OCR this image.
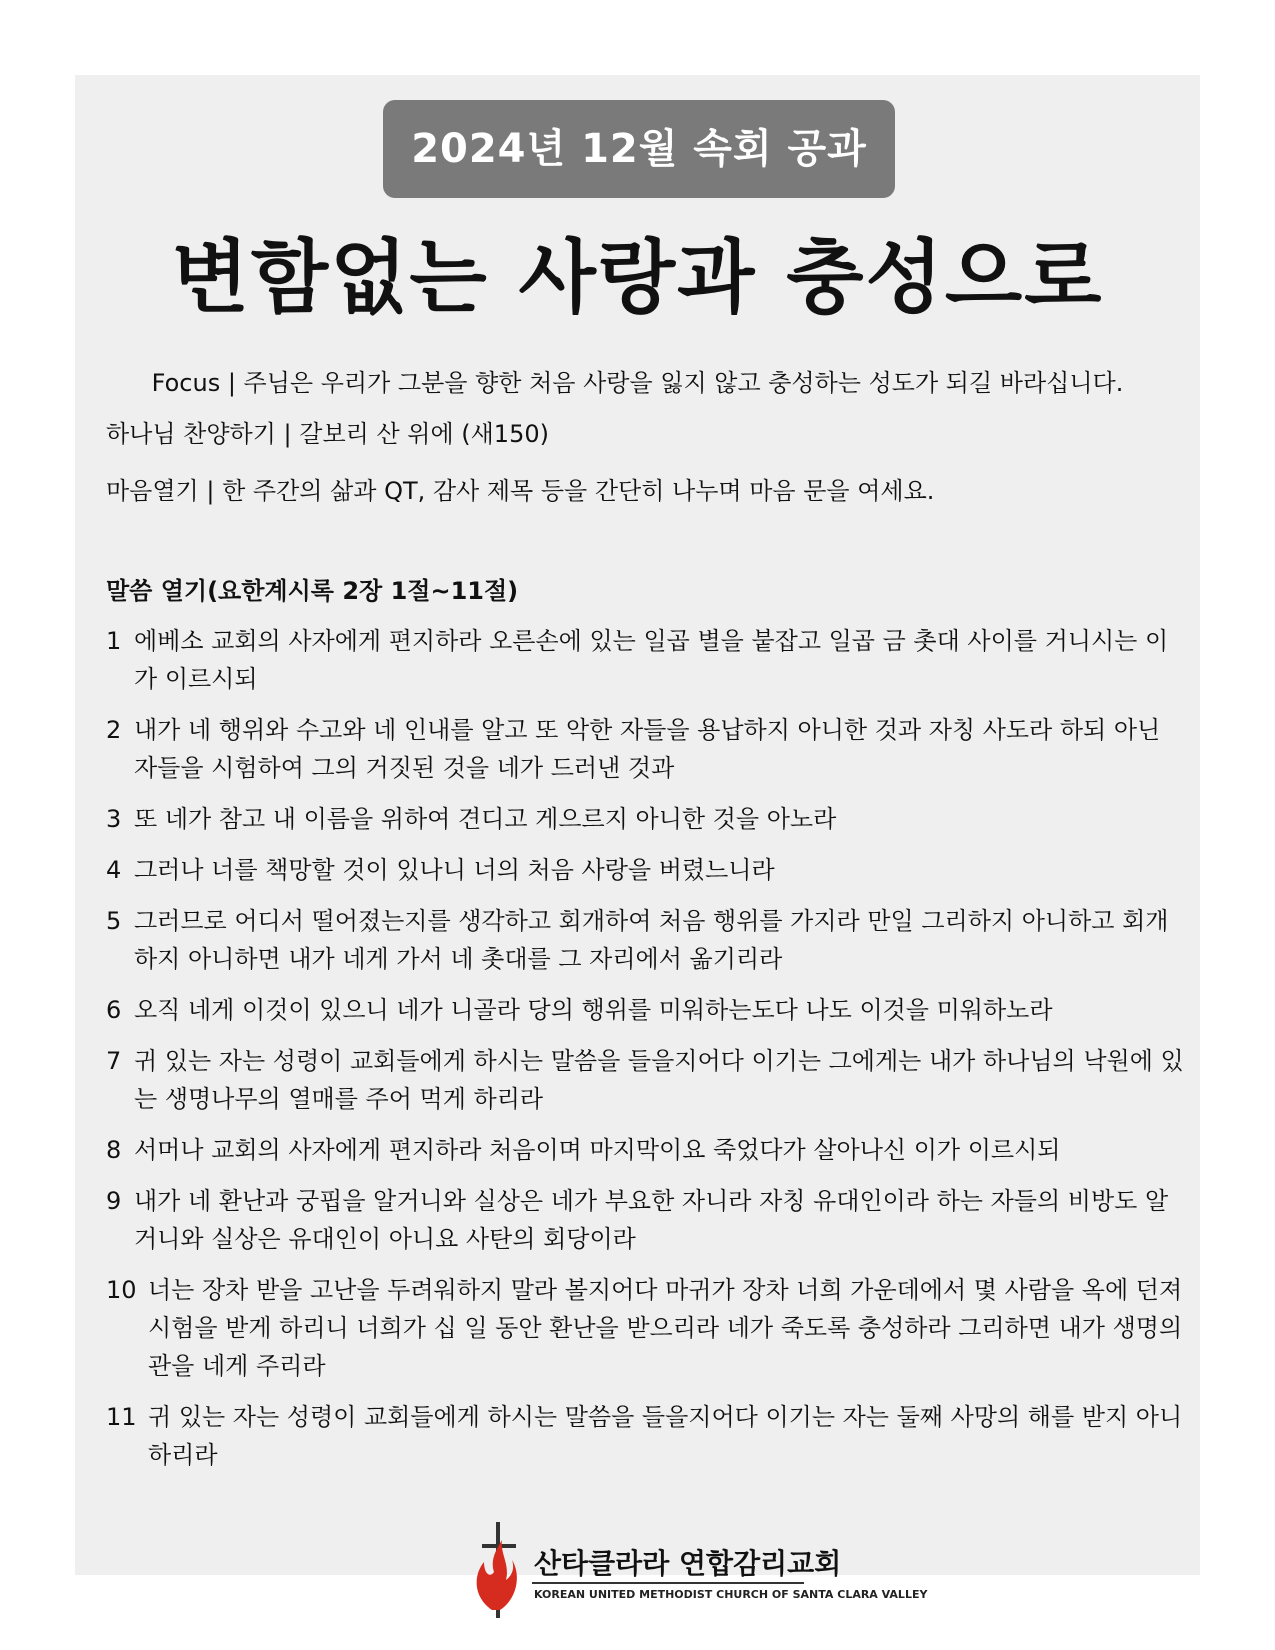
2024년 12월 속회 공과
변함없는 사랑과 충성으로
Focus | 주님은 우리가 그분을 향한 처음 사랑을 잃지 않고 충성하는 성도가 되길 바라십니다.
하나님 찬양하기 | 갈보리 산 위에 (새150)
마음열기 | 한 주간의 삶과 QT, 감사 제목 등을 간단히 나누며 마음 문을 여세요.
말씀 열기(요한계시록 2장 1절~11절)
1 에베소 교회의 사자에게 편지하라 오른손에 있는 일곱 별을 붙잡고 일곱 금 촛대 사이를 거니시는 이가 이르시되
2 내가 네 행위와 수고와 네 인내를 알고 또 악한 자들을 용납하지 아니한 것과 자칭 사도라 하되 아닌 자들을 시험하여 그의 거짓된 것을 네가 드러낸 것과
3 또 네가 참고 내 이름을 위하여 견디고 게으르지 아니한 것을 아노라
4 그러나 너를 책망할 것이 있나니 너의 처음 사랑을 버렸느니라
5 그러므로 어디서 떨어졌는지를 생각하고 회개하여 처음 행위를 가지라 만일 그리하지 아니하고 회개하지 아니하면 내가 네게 가서 네 촛대를 그 자리에서 옮기리라
6 오직 네게 이것이 있으니 네가 니골라 당의 행위를 미워하는도다 나도 이것을 미워하노라
7 귀 있는 자는 성령이 교회들에게 하시는 말씀을 들을지어다 이기는 그에게는 내가 하나님의 낙원에 있는 생명나무의 열매를 주어 먹게 하리라
8 서머나 교회의 사자에게 편지하라 처음이며 마지막이요 죽었다가 살아나신 이가 이르시되
9 내가 네 환난과 궁핍을 알거니와 실상은 네가 부요한 자니라 자칭 유대인이라 하는 자들의 비방도 알거니와 실상은 유대인이 아니요 사탄의 회당이라
10 너는 장차 받을 고난을 두려워하지 말라 볼지어다 마귀가 장차 너희 가운데에서 몇 사람을 옥에 던져 시험을 받게 하리니 너희가 십 일 동안 환난을 받으리라 네가 죽도록 충성하라 그리하면 내가 생명의 관을 네게 주리라
11 귀 있는 자는 성령이 교회들에게 하시는 말씀을 들을지어다 이기는 자는 둘째 사망의 해를 받지 아니하리라
산타클라라 연합감리교회
KOREAN UNITED METHODIST CHURCH OF SANTA CLARA VALLEY
